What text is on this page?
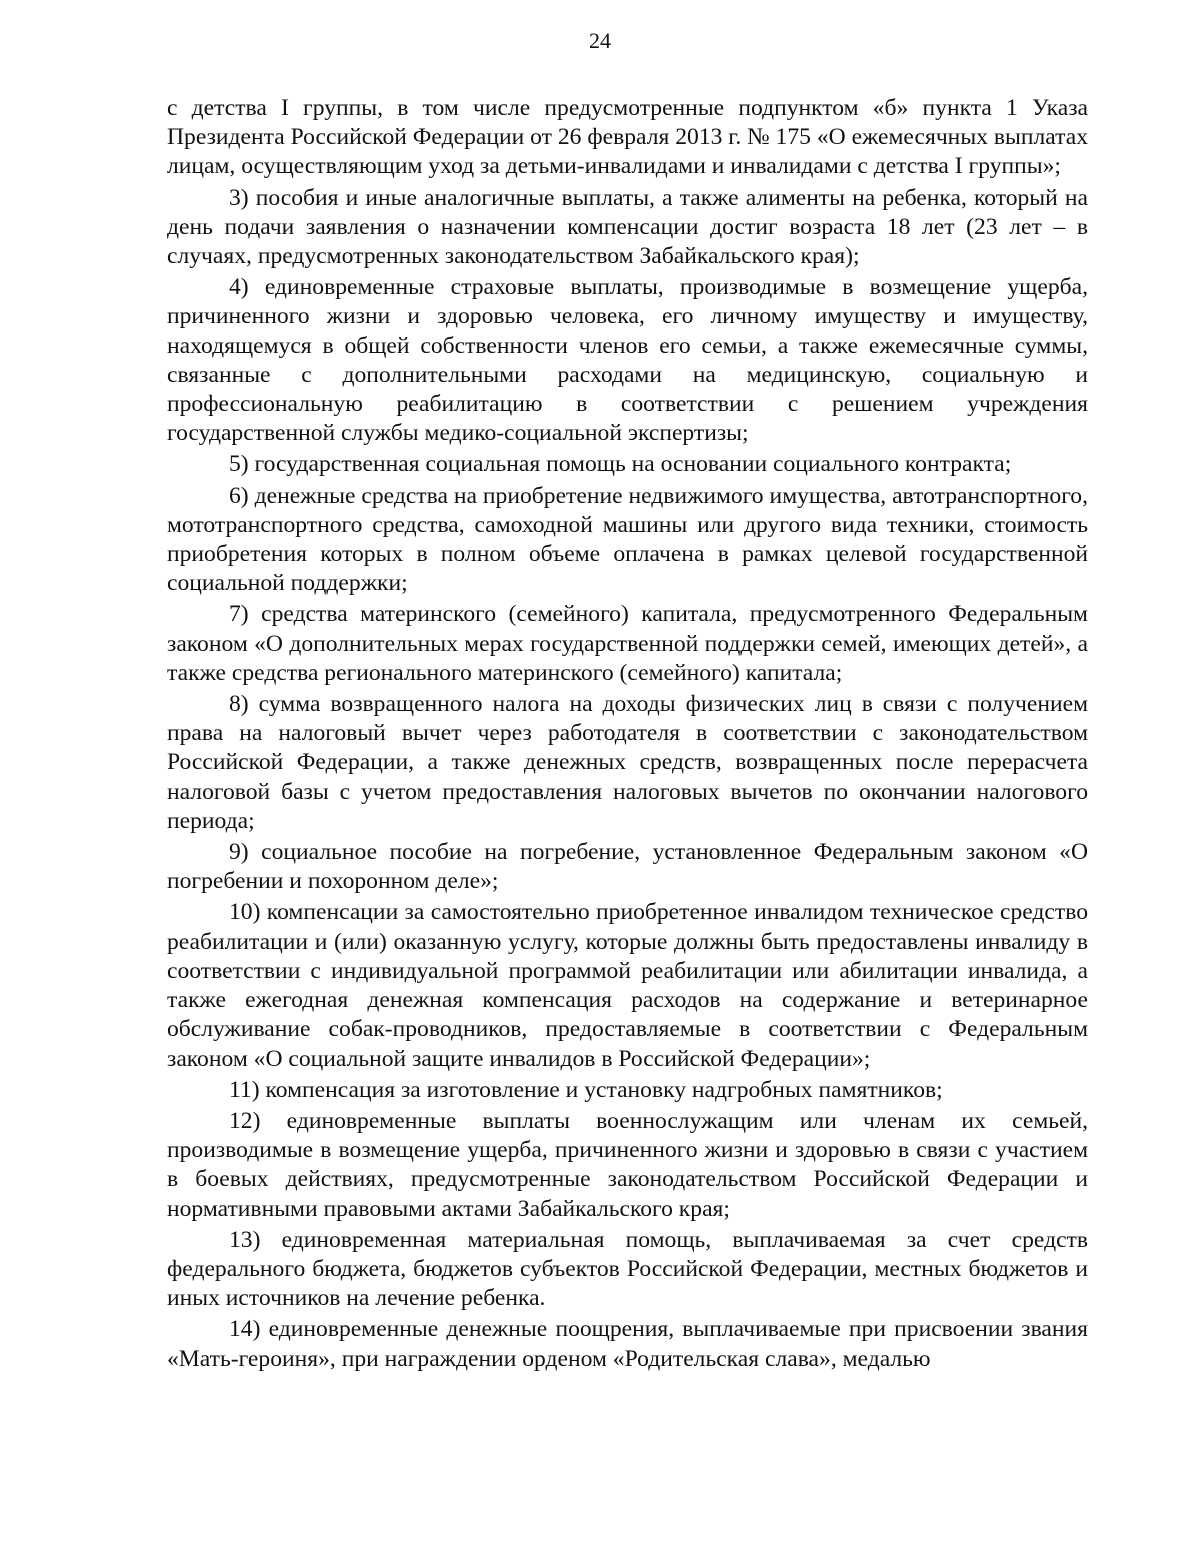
24

с детства I группы, в том числе предусмотренные подпунктом «б» пункта 1 Указа Президента Российской Федерации от 26 февраля 2013 г. № 175 «О ежемесячных выплатах лицам, осуществляющим уход за детьми-инвалидами и инвалидами с детства I группы»;

3) пособия и иные аналогичные выплаты, а также алименты на ребенка, который на день подачи заявления о назначении компенсации достиг возраста 18 лет (23 лет – в случаях, предусмотренных законодательством Забайкальского края);

4) единовременные страховые выплаты, производимые в возмещение ущерба, причиненного жизни и здоровью человека, его личному имуществу и имуществу, находящемуся в общей собственности членов его семьи, а также ежемесячные суммы, связанные с дополнительными расходами на медицинскую, социальную и профессиональную реабилитацию в соответствии с решением учреждения государственной службы медико-социальной экспертизы;

5) государственная социальная помощь на основании социального контракта;

6) денежные средства на приобретение недвижимого имущества, автотранспортного, мототранспортного средства, самоходной машины или другого вида техники, стоимость приобретения которых в полном объеме оплачена в рамках целевой государственной социальной поддержки;

7) средства материнского (семейного) капитала, предусмотренного Федеральным законом «О дополнительных мерах государственной поддержки семей, имеющих детей», а также средства регионального материнского (семейного) капитала;

8) сумма возвращенного налога на доходы физических лиц в связи с получением права на налоговый вычет через работодателя в соответствии с законодательством Российской Федерации, а также денежных средств, возвращенных после перерасчета налоговой базы с учетом предоставления налоговых вычетов по окончании налогового периода;

9) социальное пособие на погребение, установленное Федеральным законом «О погребении и похоронном деле»;

10) компенсации за самостоятельно приобретенное инвалидом техническое средство реабилитации и (или) оказанную услугу, которые должны быть предоставлены инвалиду в соответствии с индивидуальной программой реабилитации или абилитации инвалида, а также ежегодная денежная компенсация расходов на содержание и ветеринарное обслуживание собак-проводников, предоставляемые в соответствии с Федеральным законом «О социальной защите инвалидов в Российской Федерации»;

11) компенсация за изготовление и установку надгробных памятников;

12) единовременные выплаты военнослужащим или членам их семьей, производимые в возмещение ущерба, причиненного жизни и здоровью в связи с участием в боевых действиях, предусмотренные законодательством Российской Федерации и нормативными правовыми актами Забайкальского края;

13) единовременная материальная помощь, выплачиваемая за счет средств федерального бюджета, бюджетов субъектов Российской Федерации, местных бюджетов и иных источников на лечение ребенка.

14) единовременные денежные поощрения, выплачиваемые при присвоении звания «Мать-героиня», при награждении орденом «Родительская слава», медалью
